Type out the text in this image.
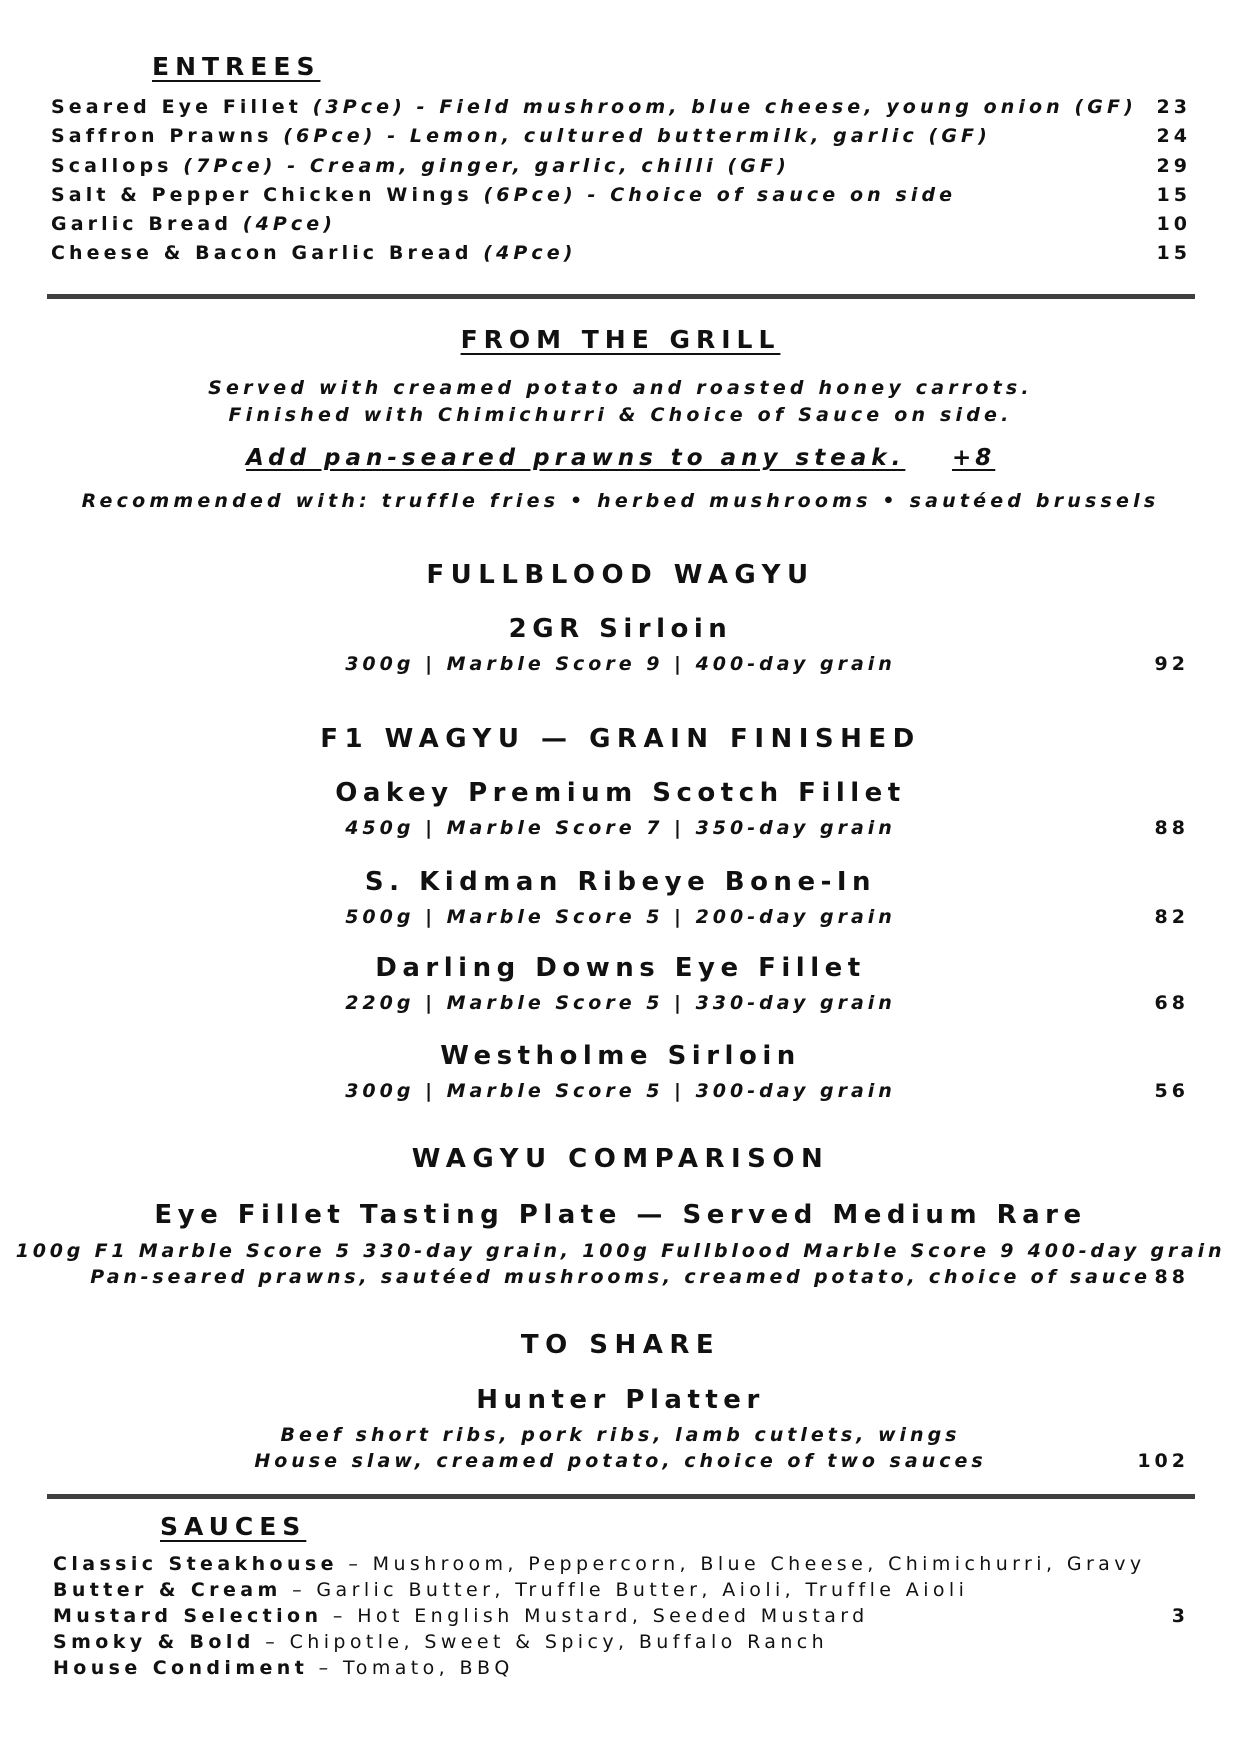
ENTREES
Seared Eye Fillet (3Pce) - Field mushroom, blue cheese, young onion (GF) 23
Saffron Prawns (6Pce) - Lemon, cultured buttermilk, garlic (GF)	24
Scallops (7Pce) - Cream, ginger, garlic, chilli (GF)	29
Salt & Pepper Chicken Wings (6Pce) - Choice of sauce on side	15
Garlic Bread (4Pce)	10
Cheese & Bacon Garlic Bread (4Pce)	15
FROM THE GRILL
Served with creamed potato and roasted honey carrots.
Finished with Chimichurri & Choice of Sauce on side.
Add pan-seared prawns to any steak. +8
Recommended with: truffle fries • herbed mushrooms • sautéed brussels
FULLBLOOD WAGYU
2GR Sirloin
300g | Marble Score 9 | 400-day grain	92
F1 WAGYU — GRAIN FINISHED
Oakey Premium Scotch Fillet
450g | Marble Score 7 | 350-day grain	88
S. Kidman Ribeye Bone-In
500g | Marble Score 5 | 200-day grain	82
Darling Downs Eye Fillet
220g | Marble Score 5 | 330-day grain	68
Westholme Sirloin
300g | Marble Score 5 | 300-day grain	56
WAGYU COMPARISON
Eye Fillet Tasting Plate — Served Medium Rare
100g F1 Marble Score 5 330-day grain, 100g Fullblood Marble Score 9 400-day grain
Pan-seared prawns, sautéed mushrooms, creamed potato, choice of sauce 88
TO SHARE
Hunter Platter
Beef short ribs, pork ribs, lamb cutlets, wings
House slaw, creamed potato, choice of two sauces	102
SAUCES
Classic Steakhouse – Mushroom, Peppercorn, Blue Cheese, Chimichurri, Gravy
Butter & Cream – Garlic Butter, Truffle Butter, Aioli, Truffle Aioli
Mustard Selection – Hot English Mustard, Seeded Mustard	3
Smoky & Bold – Chipotle, Sweet & Spicy, Buffalo Ranch
House Condiment – Tomato, BBQ
